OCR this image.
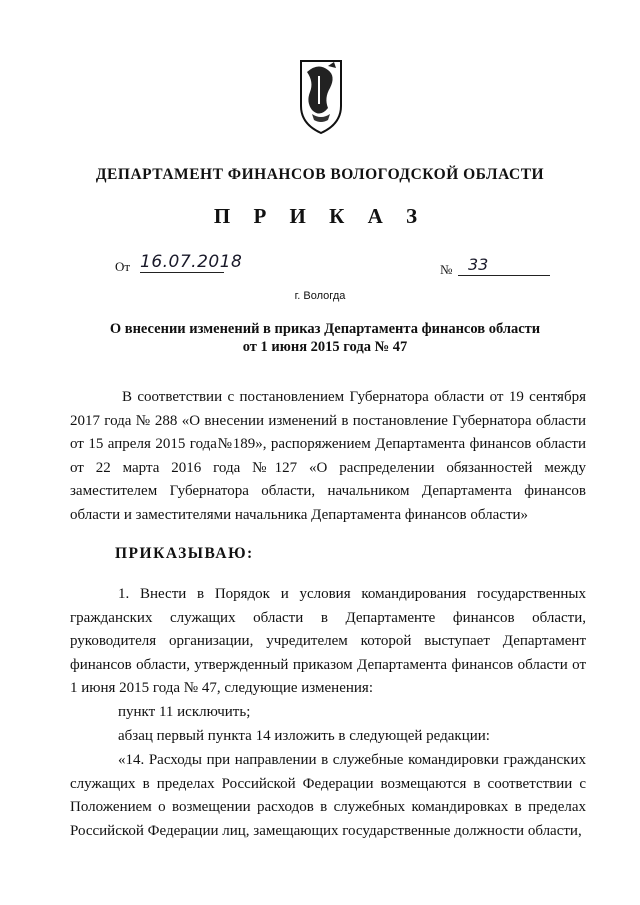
ДЕПАРТАМЕНТ ФИНАНСОВ ВОЛОГОДСКОЙ ОБЛАСТИ
П Р И К А З
От 16.07.2018	№ 33
г. Вологда
О внесении изменений в приказ Департамента финансов области
от 1 июня 2015 года № 47
В соответствии с постановлением Губернатора области от 19 сентября 2017 года № 288 «О внесении изменений в постановление Губернатора области от 15 апреля 2015 года№189», распоряжением Департамента финансов области от 22 марта 2016 года №127 «О распределении обязанностей между заместителем Губернатора области, начальником Департамента финансов области и заместителями начальника Департамента финансов области»
ПРИКАЗЫВАЮ:
1. Внести в Порядок и условия командирования государственных гражданских служащих области в Департаменте финансов области, руководителя организации, учредителем которой выступает Департамент финансов области, утвержденный приказом Департамента финансов области от 1 июня 2015 года № 47, следующие изменения:
пункт 11 исключить;
абзац первый пункта 14 изложить в следующей редакции:
«14. Расходы при направлении в служебные командировки гражданских служащих в пределах Российской Федерации возмещаются в соответствии с Положением о возмещении расходов в служебных командировках в пределах Российской Федерации лиц, замещающих государственные должности области,
